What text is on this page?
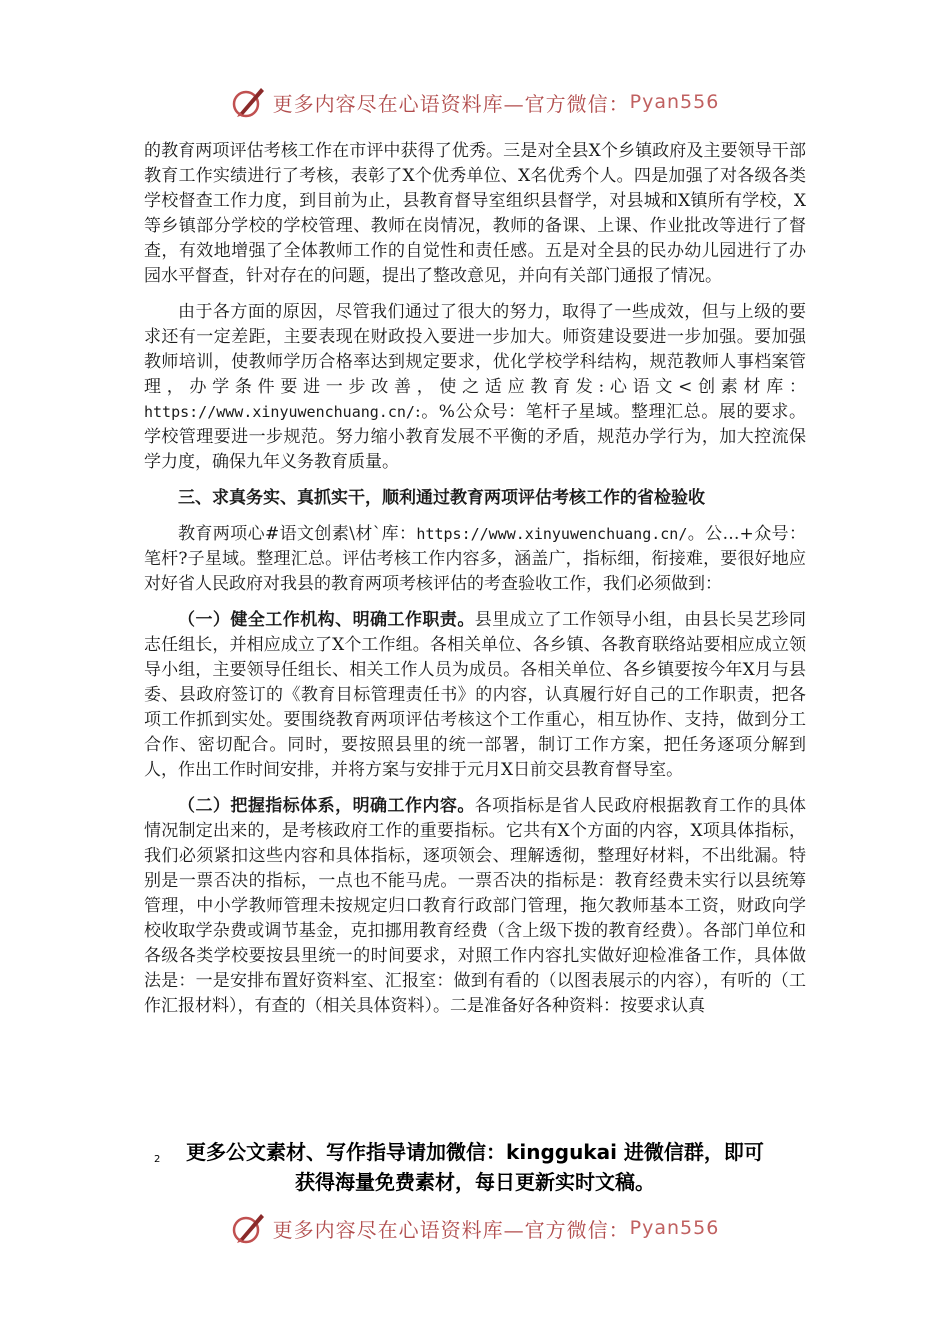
更多内容尽在心语资料库—官方微信： Pyan556

的教育两项评估考核工作在市评中获得了优秀。三是对全县X个乡镇政府及主要领导干部教育工作实绩进行了考核，表彰了X个优秀单位、X名优秀个人。四是加强了对各级各类学校督查工作力度，到目前为止，县教育督导室组织县督学，对县城和X镇所有学校，X等乡镇部分学校的学校管理、教师在岗情况，教师的备课、上课、作业批改等进行了督查，有效地增强了全体教师工作的自觉性和责任感。五是对全县的民办幼儿园进行了办园水平督查，针对存在的问题，提出了整改意见，并向有关部门通报了情况。

由于各方面的原因，尽管我们通过了很大的努力，取得了一些成效，但与上级的要求还有一定差距，主要表现在财政投入要进一步加大。师资建设要进一步加强。要加强教师培训，使教师学历合格率达到规定要求，优化学校学科结构，规范教师人事档案管理，办学条件要进一步改善，使之适应教育发:心语文<创素材库：https://www.xinyuwenchuang.cn/:。%公众号：笔杆子星域。整理汇总。展的要求。学校管理要进一步规范。努力缩小教育发展不平衡的矛盾，规范办学行为，加大控流保学力度，确保九年义务教育质量。

三、求真务实、真抓实干，顺利通过教育两项评估考核工作的省检验收

教育两项心#语文创素\材`库：https://www.xinyuwenchuang.cn/。公…+众号：笔杆?子星域。整理汇总。评估考核工作内容多，涵盖广，指标细，衔接难，要很好地应对好省人民政府对我县的教育两项考核评估的考查验收工作，我们必须做到：

（一）健全工作机构、明确工作职责。县里成立了工作领导小组，由县长吴艺珍同志任组长，并相应成立了X个工作组。各相关单位、各乡镇、各教育联络站要相应成立领导小组，主要领导任组长、相关工作人员为成员。各相关单位、各乡镇要按今年X月与县委、县政府签订的《教育目标管理责任书》的内容，认真履行好自己的工作职责，把各项工作抓到实处。要围绕教育两项评估考核这个工作重心，相互协作、支持，做到分工合作、密切配合。同时，要按照县里的统一部署，制订工作方案，把任务逐项分解到人，作出工作时间安排，并将方案与安排于元月X日前交县教育督导室。

（二）把握指标体系，明确工作内容。各项指标是省人民政府根据教育工作的具体情况制定出来的，是考核政府工作的重要指标。它共有X个方面的内容，X项具体指标，我们必须紧扣这些内容和具体指标，逐项领会、理解透彻，整理好材料，不出纰漏。特别是一票否决的指标，一点也不能马虎。一票否决的指标是：教育经费未实行以县统筹管理，中小学教师管理未按规定归口教育行政部门管理，拖欠教师基本工资，财政向学校收取学杂费或调节基金，克扣挪用教育经费（含上级下拨的教育经费）。各部门单位和各级各类学校要按县里统一的时间要求，对照工作内容扎实做好迎检准备工作，具体做法是：一是安排布置好资料室、汇报室：做到有看的（以图表展示的内容），有听的（工作汇报材料），有查的（相关具体资料）。二是准备好各种资料：按要求认真

2	更多公文素材、写作指导请加微信：kinggukai 进微信群，即可
获得海量免费素材，每日更新实时文稿。
更多内容尽在心语资料库—官方微信： Pyan556
